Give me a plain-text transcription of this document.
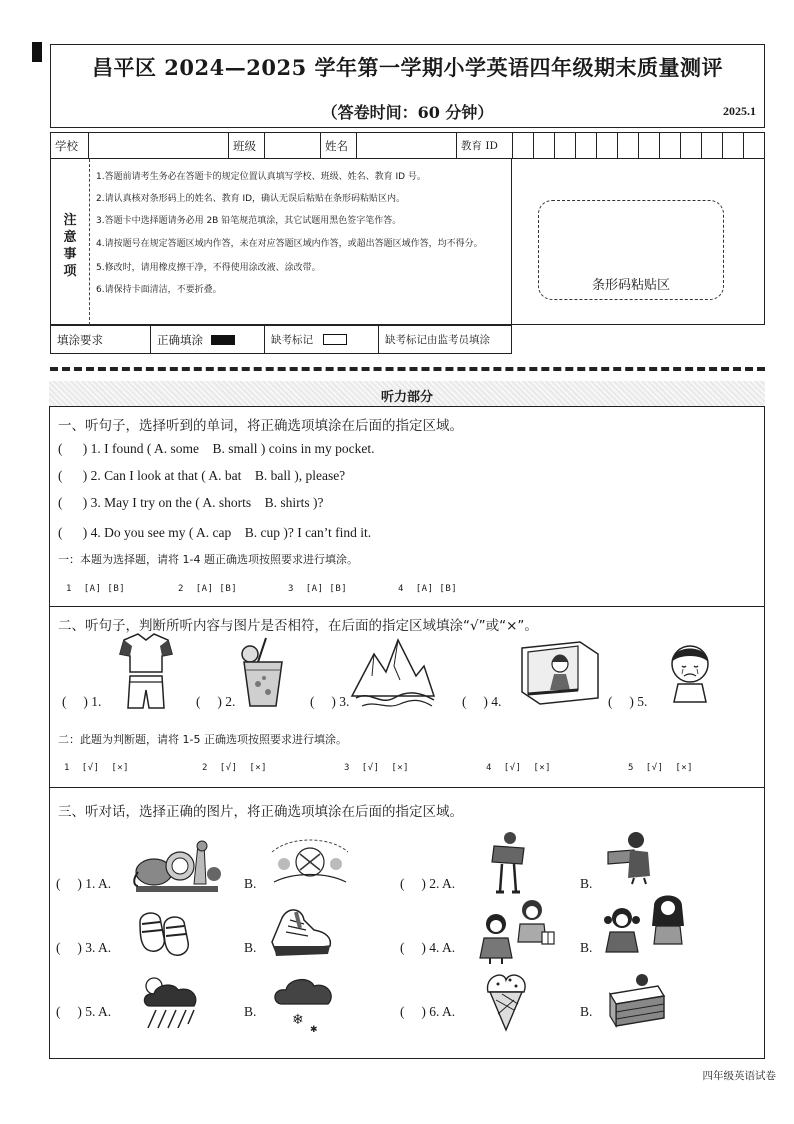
昌平区 2024—2025 学年第一学期小学英语四年级期末质量测评
（答卷时间：60 分钟）	2025.1
学校	班级	姓名	教育 ID
注意事项
1.答题前请考生务必在答题卡的规定位置认真填写学校、班级、姓名、教育 ID 号。
2.请认真核对条形码上的姓名、教育 ID，确认无误后粘贴在条形码粘贴区内。
3.答题卡中选择题请务必用 2B 铅笔规范填涂，其它试题用黑色签字笔作答。
4.请按题号在规定答题区域内作答，未在对应答题区域内作答，或超出答题区域作答，均不得分。
5.修改时，请用橡皮擦干净，不得使用涂改液、涂改带。
6.请保持卡面清洁，不要折叠。	条形码粘贴区
填涂要求	正确填涂	缺考标记	缺考标记由监考员填涂
听力部分
一、听句子，选择听到的单词，将正确选项填涂在后面的指定区域。
(      ) 1. I found ( A. some    B. small ) coins in my pocket.
(      ) 2. Can I look at that ( A. bat    B. ball ), please?
(      ) 3. May I try on the ( A. shorts    B. shirts )?
(      ) 4. Do you see my ( A. cap    B. cup )? I can’t find it.
一：本题为选择题，请将 1-4 题正确选项按照要求进行填涂。
1  [A] [B]	2  [A] [B]	3  [A] [B]	4  [A] [B]
二、听句子，判断所听内容与图片是否相符，在后面的指定区域填涂“√”或“×”。
(     ) 1.	(     ) 2.	(     ) 3.	(     ) 4.	(     ) 5.
二：此题为判断题，请将 1-5 正确选项按照要求进行填涂。
1  [√]  [×]	2  [√]  [×]	3  [√]  [×]	4  [√]  [×]	5  [√]  [×]
三、听对话，选择正确的图片，将正确选项填涂在后面的指定区域。
(     ) 1. A.	B.	(     ) 2. A.	B.
(     ) 3. A.	B.	(     ) 4. A.	B.
(     ) 5. A.	B.	(     ) 6. A.	B.
❄
✱
四年级英语试卷
